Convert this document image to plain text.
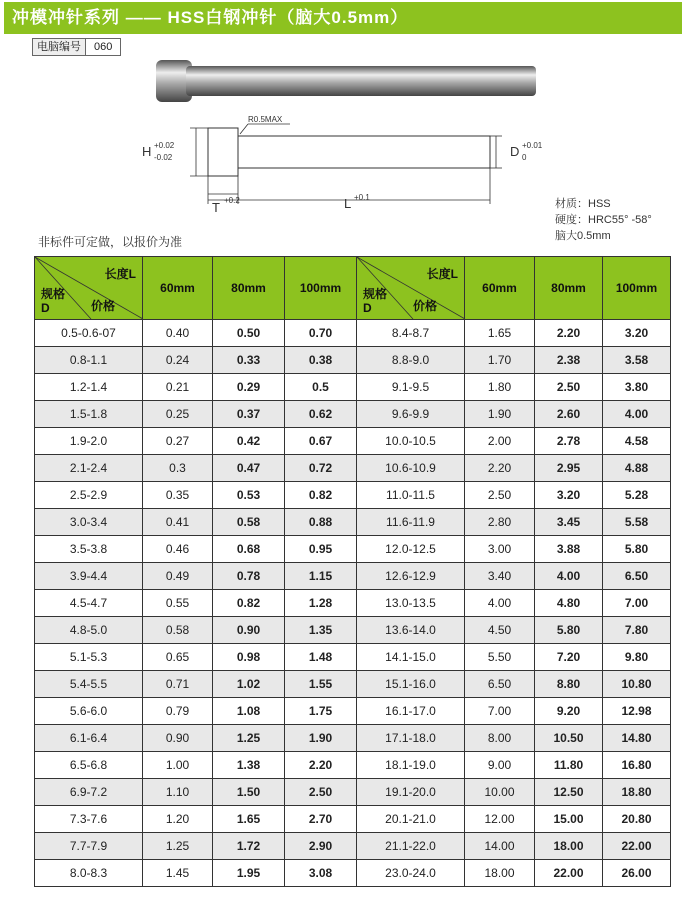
冲模冲针系列 —— HSS白钢冲针（脑大0.5mm）
电脑编号	060
R0.5MAX
H +0.02
-0.02	D +0.01
0
T +0.2	L +0.1
材质：HSS
硬度：HRC55° -58°
脑大0.5mm
非标件可定做，以报价为准
长度L
规格D 价格	60mm	80mm	100mm	长度L
规格D 价格	60mm	80mm	100mm
0.5-0.6-07	0.40	0.50	0.70	8.4-8.7	1.65	2.20	3.20
0.8-1.1	0.24	0.33	0.38	8.8-9.0	1.70	2.38	3.58
1.2-1.4	0.21	0.29	0.5	9.1-9.5	1.80	2.50	3.80
1.5-1.8	0.25	0.37	0.62	9.6-9.9	1.90	2.60	4.00
1.9-2.0	0.27	0.42	0.67	10.0-10.5	2.00	2.78	4.58
2.1-2.4	0.3	0.47	0.72	10.6-10.9	2.20	2.95	4.88
2.5-2.9	0.35	0.53	0.82	11.0-11.5	2.50	3.20	5.28
3.0-3.4	0.41	0.58	0.88	11.6-11.9	2.80	3.45	5.58
3.5-3.8	0.46	0.68	0.95	12.0-12.5	3.00	3.88	5.80
3.9-4.4	0.49	0.78	1.15	12.6-12.9	3.40	4.00	6.50
4.5-4.7	0.55	0.82	1.28	13.0-13.5	4.00	4.80	7.00
4.8-5.0	0.58	0.90	1.35	13.6-14.0	4.50	5.80	7.80
5.1-5.3	0.65	0.98	1.48	14.1-15.0	5.50	7.20	9.80
5.4-5.5	0.71	1.02	1.55	15.1-16.0	6.50	8.80	10.80
5.6-6.0	0.79	1.08	1.75	16.1-17.0	7.00	9.20	12.98
6.1-6.4	0.90	1.25	1.90	17.1-18.0	8.00	10.50	14.80
6.5-6.8	1.00	1.38	2.20	18.1-19.0	9.00	11.80	16.80
6.9-7.2	1.10	1.50	2.50	19.1-20.0	10.00	12.50	18.80
7.3-7.6	1.20	1.65	2.70	20.1-21.0	12.00	15.00	20.80
7.7-7.9	1.25	1.72	2.90	21.1-22.0	14.00	18.00	22.00
8.0-8.3	1.45	1.95	3.08	23.0-24.0	18.00	22.00	26.00
